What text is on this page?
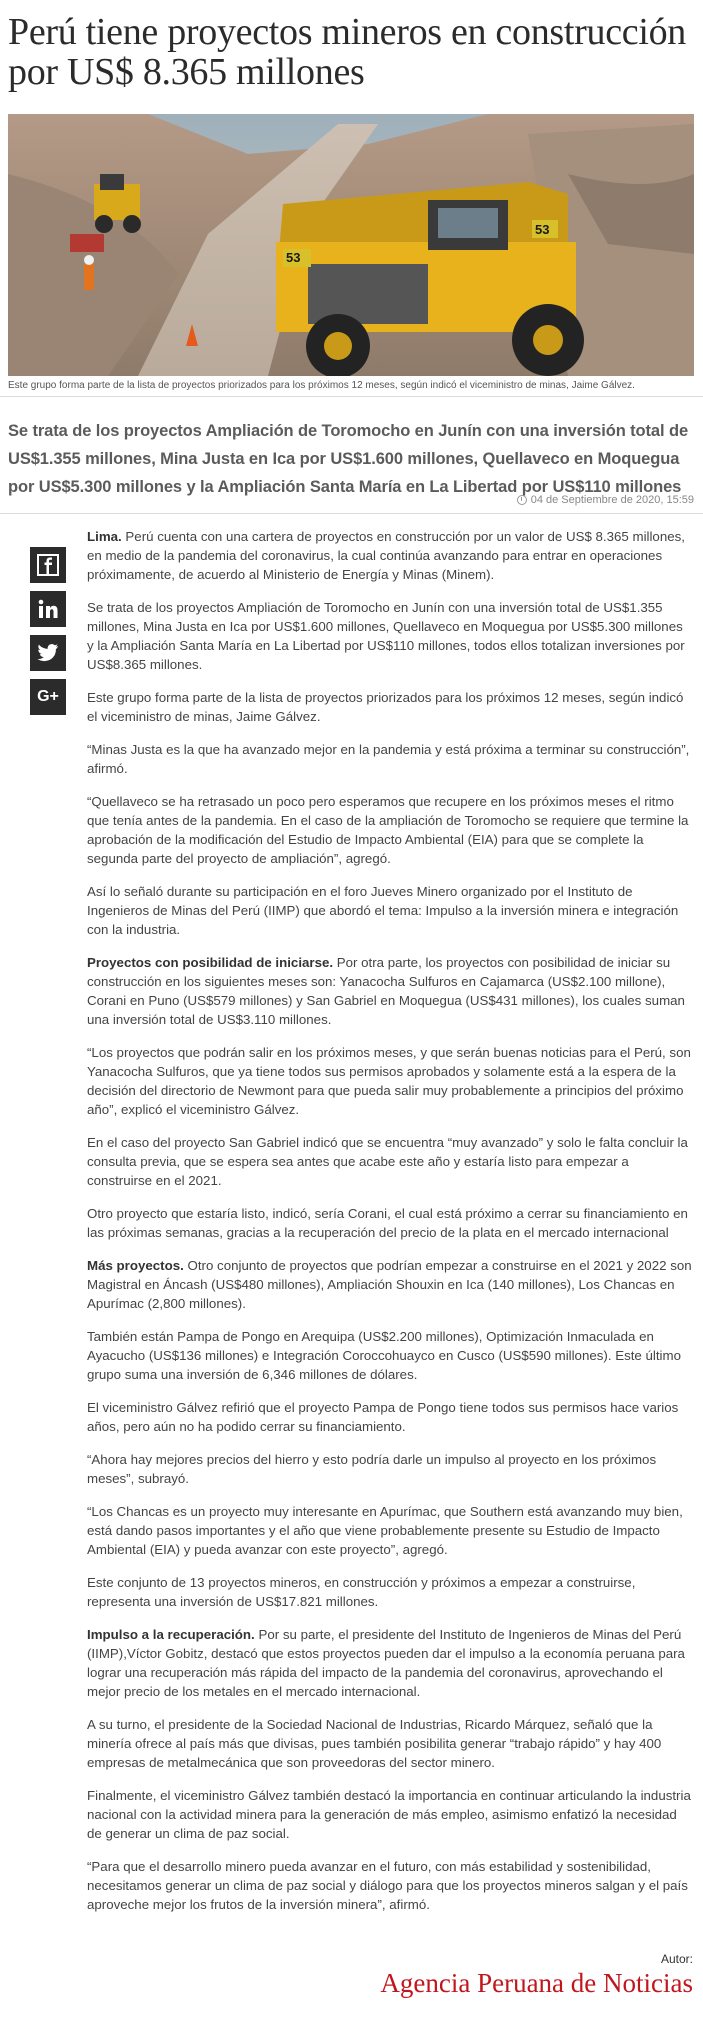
Perú tiene proyectos mineros en construcción por US$ 8.365 millones
53
53
Este grupo forma parte de la lista de proyectos priorizados para los próximos 12 meses, según indicó el viceministro de minas, Jaime Gálvez.
Se trata de los proyectos Ampliación de Toromocho en Junín con una inversión total de US$1.355 millones, Mina Justa en Ica por US$1.600 millones, Quellaveco en Moquegua por US$5.300 millones y la Ampliación Santa María en La Libertad por US$110 millones
04 de Septiembre de 2020, 15:59
G+

Lima. Perú cuenta con una cartera de proyectos en construcción por un valor de US$ 8.365 millones, en medio de la pandemia del coronavirus, la cual continúa avanzando para entrar en operaciones próximamente, de acuerdo al Ministerio de Energía y Minas (Minem).

Se trata de los proyectos Ampliación de Toromocho en Junín con una inversión total de US$1.355 millones, Mina Justa en Ica por US$1.600 millones, Quellaveco en Moquegua por US$5.300 millones y la Ampliación Santa María en La Libertad por US$110 millones, todos ellos totalizan inversiones por US$8.365 millones.

Este grupo forma parte de la lista de proyectos priorizados para los próximos 12 meses, según indicó el viceministro de minas, Jaime Gálvez.

“Minas Justa es la que ha avanzado mejor en la pandemia y está próxima a terminar su construcción”, afirmó.

“Quellaveco se ha retrasado un poco pero esperamos que recupere en los próximos meses el ritmo que tenía antes de la pandemia. En el caso de la ampliación de Toromocho se requiere que termine la aprobación de la modificación del Estudio de Impacto Ambiental (EIA) para que se complete la segunda parte del proyecto de ampliación”, agregó.

Así lo señaló durante su participación en el foro Jueves Minero organizado por el Instituto de Ingenieros de Minas del Perú (IIMP) que abordó el tema: Impulso a la inversión minera e integración con la industria.

Proyectos con posibilidad de iniciarse. Por otra parte, los proyectos con posibilidad de iniciar su construcción en los siguientes meses son: Yanacocha Sulfuros en Cajamarca (US$2.100 millone), Corani en Puno (US$579 millones) y San Gabriel en Moquegua (US$431 millones), los cuales suman una inversión total de US$3.110 millones.

“Los proyectos que podrán salir en los próximos meses, y que serán buenas noticias para el Perú, son Yanacocha Sulfuros, que ya tiene todos sus permisos aprobados y solamente está a la espera de la decisión del directorio de Newmont para que pueda salir muy probablemente a principios del próximo año”, explicó el viceministro Gálvez.

En el caso del proyecto San Gabriel indicó que se encuentra “muy avanzado” y solo le falta concluir la consulta previa, que se espera sea antes que acabe este año y estaría listo para empezar a construirse en el 2021.

Otro proyecto que estaría listo, indicó, sería Corani, el cual está próximo a cerrar su financiamiento en las próximas semanas, gracias a la recuperación del precio de la plata en el mercado internacional

Más proyectos. Otro conjunto de proyectos que podrían empezar a construirse en el 2021 y 2022 son Magistral en Áncash (US$480 millones), Ampliación Shouxin en Ica (140 millones), Los Chancas en Apurímac (2,800 millones).

También están Pampa de Pongo en Arequipa (US$2.200 millones), Optimización Inmaculada en Ayacucho (US$136 millones) e Integración Coroccohuayco en Cusco (US$590 millones). Este último grupo suma una inversión de 6,346 millones de dólares.

El viceministro Gálvez refirió que el proyecto Pampa de Pongo tiene todos sus permisos hace varios años, pero aún no ha podido cerrar su financiamiento.

“Ahora hay mejores precios del hierro y esto podría darle un impulso al proyecto en los próximos meses”, subrayó.

“Los Chancas es un proyecto muy interesante en Apurímac, que Southern está avanzando muy bien, está dando pasos importantes y el año que viene probablemente presente su Estudio de Impacto Ambiental (EIA) y pueda avanzar con este proyecto”, agregó.

Este conjunto de 13 proyectos mineros, en construcción y próximos a empezar a construirse, representa una inversión de US$17.821 millones.

Impulso a la recuperación. Por su parte, el presidente del Instituto de Ingenieros de Minas del Perú (IIMP),Víctor Gobitz, destacó que estos proyectos pueden dar el impulso a la economía peruana para lograr una recuperación más rápida del impacto de la pandemia del coronavirus, aprovechando el mejor precio de los metales en el mercado internacional.

A su turno, el presidente de la Sociedad Nacional de Industrias, Ricardo Márquez, señaló que la minería ofrece al país más que divisas, pues también posibilita generar “trabajo rápido” y hay 400 empresas de metalmecánica que son proveedoras del sector minero.

Finalmente, el viceministro Gálvez también destacó la importancia en continuar articulando la industria nacional con la actividad minera para la generación de más empleo, asimismo enfatizó la necesidad de generar un clima de paz social.

“Para que el desarrollo minero pueda avanzar en el futuro, con más estabilidad y sostenibilidad, necesitamos generar un clima de paz social y diálogo para que los proyectos mineros salgan y el país aproveche mejor los frutos de la inversión minera”, afirmó.

Autor:
Agencia Peruana de Noticias
